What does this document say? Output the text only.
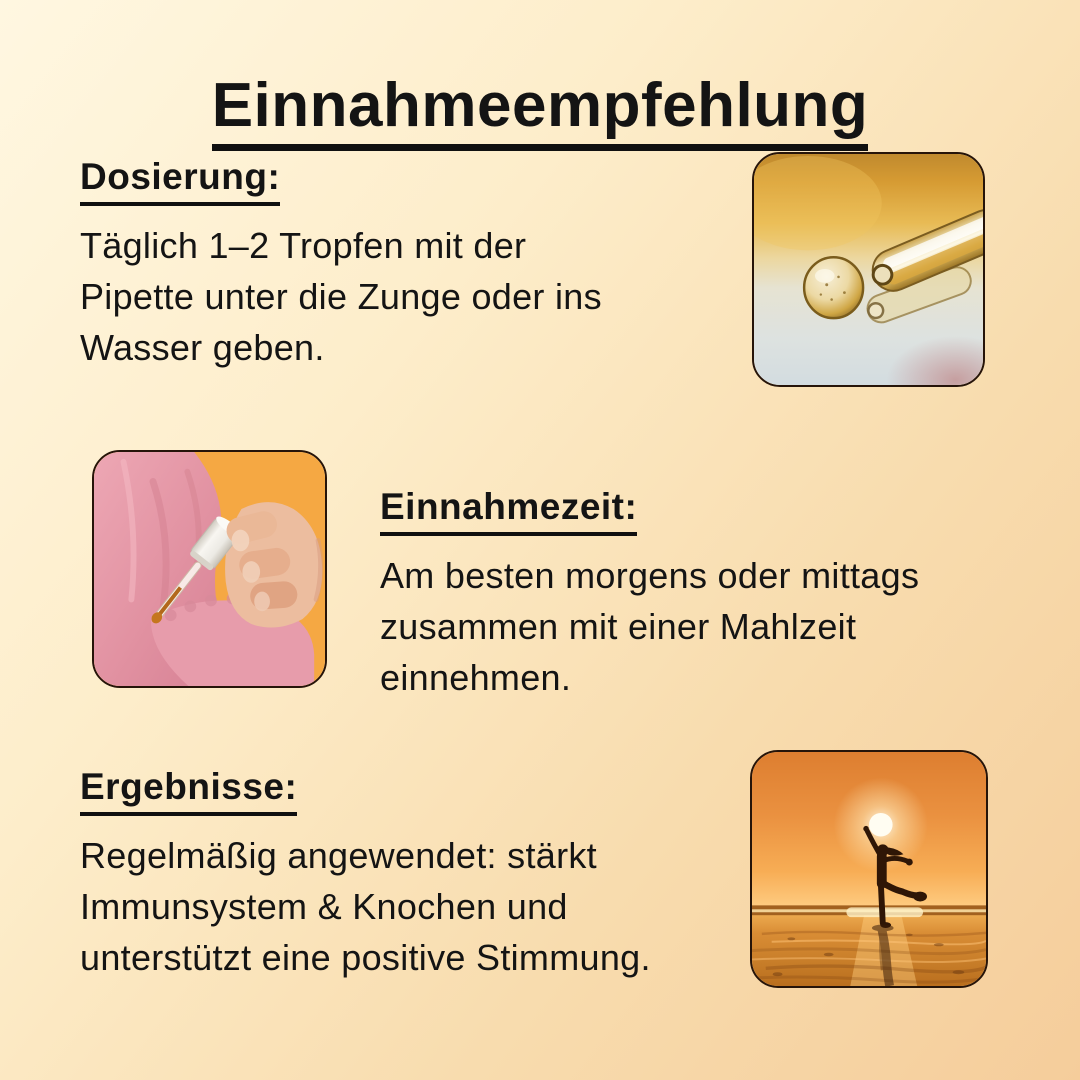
Einnahmeempfehlung
Dosierung:
Täglich 1–2 Tropfen mit der
Pipette unter die Zunge oder ins
Wasser geben.
Einnahmezeit:
Am besten morgens oder mittags
zusammen mit einer Mahlzeit
einnehmen.
Ergebnisse:
Regelmäßig angewendet: stärkt
Immunsystem & Knochen und
unterstützt eine positive Stimmung.
